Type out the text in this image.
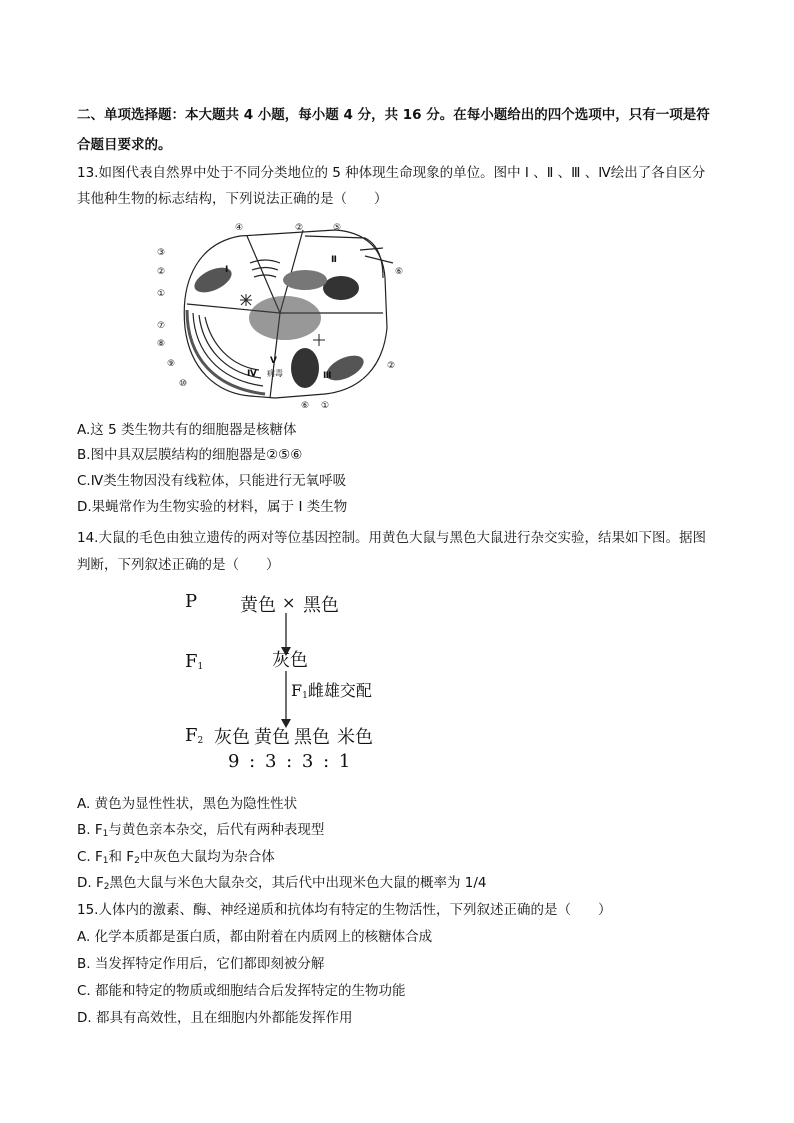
二、单项选择题：本大题共 4 小题，每小题 4 分，共 16 分。在每小题给出的四个选项中，只有一项是符
合题目要求的。
13.如图代表自然界中处于不同分类地位的 5 种体现生命现象的单位。图中 Ⅰ 、Ⅱ 、Ⅲ 、Ⅳ绘出了各自区分
其他种生物的标志结构，下列说法正确的是（　　）
③
②
①
⑦
⑧
⑨
⑩
④	②	⑤
⑥
②
⑥ ①
I
Ⅱ
Ⅲ
Ⅳ
Ⅴ
病毒
A.这 5 类生物共有的细胞器是核糖体
B.图中具双层膜结构的细胞器是②⑤⑥
C.Ⅳ类生物因没有线粒体，只能进行无氧呼吸
D.果蝇常作为生物实验的材料，属于 I 类生物
14.大鼠的毛色由独立遗传的两对等位基因控制。用黄色大鼠与黑色大鼠进行杂交实验，结果如下图。据图
判断，下列叙述正确的是（　　）
P 黄色 × 黑色
$F_1$	灰色
$F_1$雌雄交配
$F_2$ 灰色 黄色 黑色 米色
9 : 3 : 3 : 1
A. 黄色为显性性状，黑色为隐性性状
B. $F_1$与黄色亲本杂交，后代有两种表现型
C. $F_1$和 $F_2$中灰色大鼠均为杂合体
D. $F_2$黑色大鼠与米色大鼠杂交，其后代中出现米色大鼠的概率为 1/4
15.人体内的激素、酶、神经递质和抗体均有特定的生物活性，下列叙述正确的是（　　）
A. 化学本质都是蛋白质，都由附着在内质网上的核糖体合成
B. 当发挥特定作用后，它们都即刻被分解
C. 都能和特定的物质或细胞结合后发挥特定的生物功能
D. 都具有高效性，且在细胞内外都能发挥作用
